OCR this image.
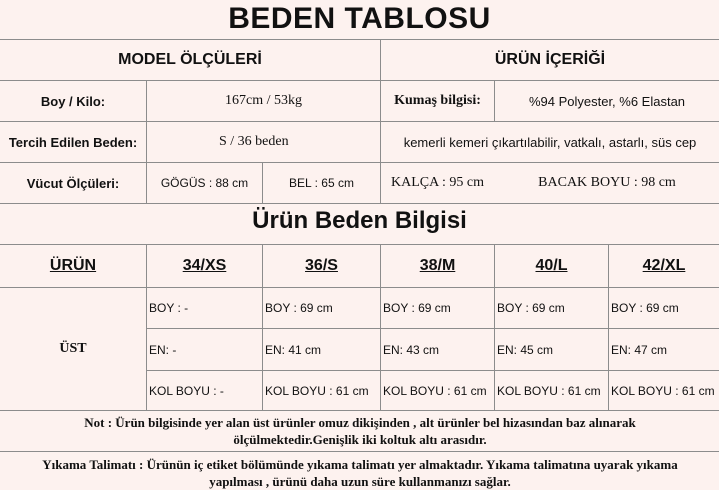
BEDEN TABLOSU
MODEL ÖLÇÜLERİ	ÜRÜN İÇERİĞİ
Boy / Kilo:	167cm / 53kg	Kumaş bilgisi:	%94 Polyester, %6 Elastan
Tercih Edilen Beden:	S / 36 beden	kemerli kemeri çıkartılabilir, vatkalı, astarlı, süs cep
Vücut Ölçüleri:	GÖGÜS : 88 cm	BEL : 65 cm	KALÇA : 95 cm	BACAK BOYU : 98 cm
Ürün Beden Bilgisi
ÜRÜN	34/XS	36/S	38/M	40/L	42/XL
ÜST
BOY : -	BOY : 69 cm	BOY : 69 cm	BOY : 69 cm	BOY : 69 cm
EN: -	EN: 41 cm	EN: 43 cm	EN: 45 cm	EN: 47 cm
KOL BOYU : -	KOL BOYU : 61 cm	KOL BOYU : 61 cm KOL BOYU : 61 cm KOL BOYU : 61 cm
Not : Ürün bilgisinde yer alan üst ürünler omuz dikişinden , alt ürünler bel hizasından baz alınarak
ölçülmektedir.Genişlik iki koltuk altı arasıdır.
Yıkama Talimatı : Ürünün iç etiket bölümünde yıkama talimatı yer almaktadır. Yıkama talimatına uyarak yıkama
yapılması , ürünü daha uzun süre kullanmanızı sağlar.
